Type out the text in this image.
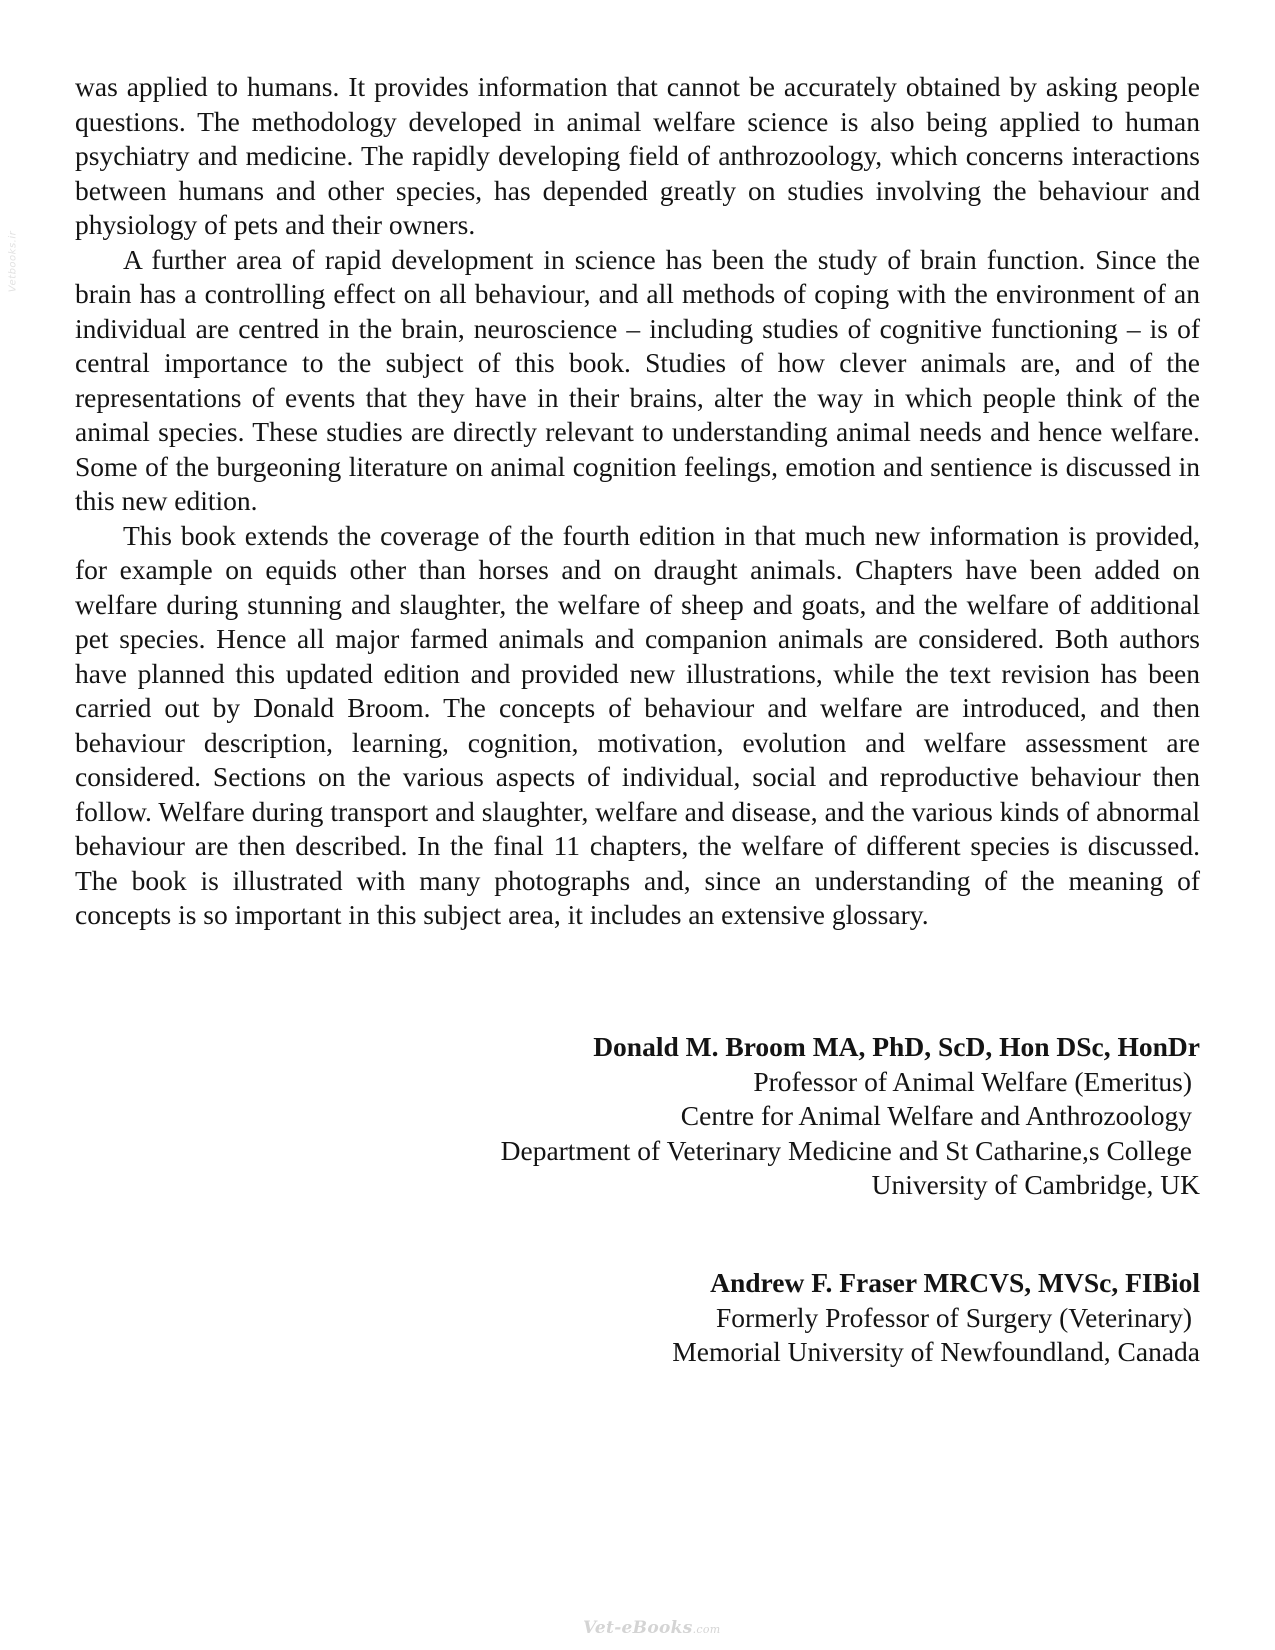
Vetbooks.ir

was applied to humans. It provides information that cannot be accurately obtained by asking people questions. The methodology developed in animal welfare science is also being applied to human psychiatry and medicine. The rapidly developing field of anthrozoology, which concerns interactions between humans and other species, has depended greatly on studies involving the behaviour and physiology of pets and their owners.

A further area of rapid development in science has been the study of brain function. Since the brain has a controlling effect on all behaviour, and all methods of coping with the environment of an individual are centred in the brain, neuroscience – including studies of cognitive functioning – is of central importance to the subject of this book. Studies of how clever animals are, and of the representations of events that they have in their brains, alter the way in which people think of the animal species. These studies are directly relevant to understanding animal needs and hence welfare. Some of the burgeoning literature on animal cognition feelings, emotion and sentience is discussed in this new edition.

This book extends the coverage of the fourth edition in that much new information is provided, for example on equids other than horses and on draught animals. Chapters have been added on welfare during stunning and slaughter, the welfare of sheep and goats, and the welfare of additional pet species. Hence all major farmed animals and companion animals are considered. Both authors have planned this updated edition and provided new illustrations, while the text revision has been carried out by Donald Broom. The concepts of behaviour and welfare are introduced, and then behaviour description, learning, cognition, motivation, evolution and welfare assessment are considered. Sections on the various aspects of individual, social and reproductive behaviour then follow. Welfare during transport and slaughter, welfare and disease, and the various kinds of abnormal behaviour are then described. In the final 11 chapters, the welfare of different species is discussed. The book is illustrated with many photographs and, since an understanding of the meaning of concepts is so important in this subject area, it includes an extensive glossary.

Donald M. Broom MA, PhD, ScD, Hon DSc, HonDr
Professor of Animal Welfare (Emeritus)
Centre for Animal Welfare and Anthrozoology
Department of Veterinary Medicine and St Catharine,s College
University of Cambridge, UK

Andrew F. Fraser MRCVS, MVSc, FIBiol
Formerly Professor of Surgery (Veterinary)
Memorial University of Newfoundland, Canada

Vet-eBooks.com
